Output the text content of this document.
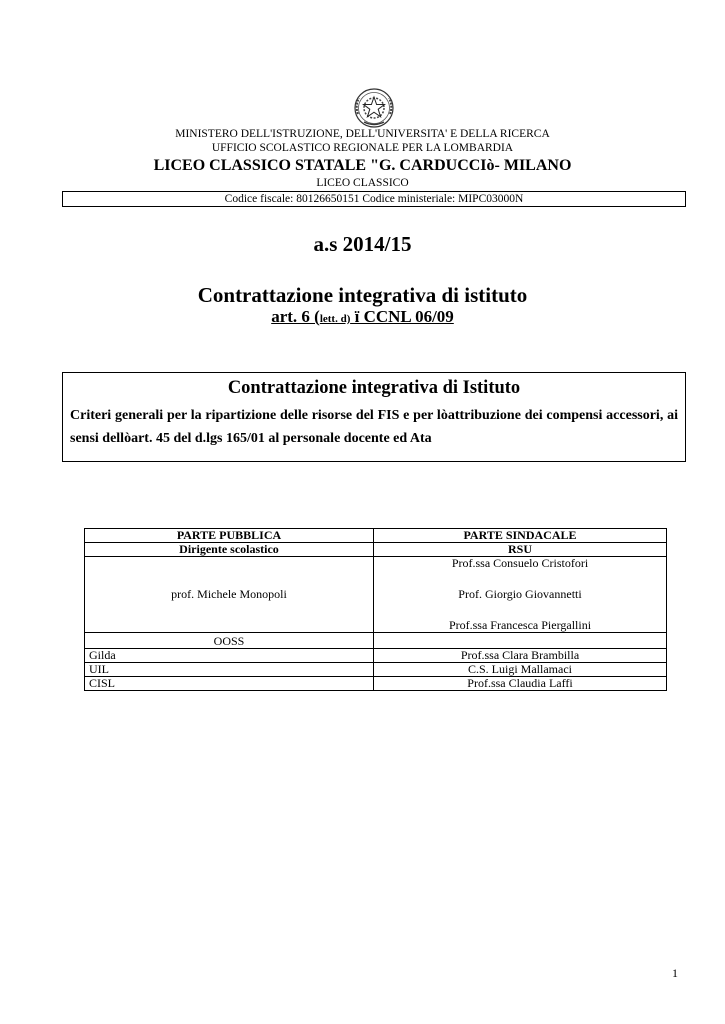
MINISTERO DELL'ISTRUZIONE, DELL'UNIVERSITA' E DELLA RICERCA
UFFICIO SCOLASTICO REGIONALE PER LA LOMBARDIA
LICEO CLASSICO STATALE "G. CARDUCCIò- MILANO
LICEO CLASSICO
Codice fiscale: 80126650151 Codice ministeriale: MIPC03000N
a.s 2014/15
Contrattazione integrativa di istituto
art. 6 (lett. d) ï CCNL 06/09
Contrattazione integrativa di Istituto
Criteri generali per la ripartizione delle risorse del FIS e per lòattribuzione dei compensi accessori, ai sensi dellòart. 45 del d.lgs 165/01 al personale docente ed Ata
PARTE PUBBLICA	PARTE SINDACALE
Dirigente scolastico	RSU
prof. Michele Monopoli	Prof.ssa Consuelo Cristofori
Prof. Giorgio Giovannetti
Prof.ssa Francesca Piergallini

OOSS	
Gilda	Prof.ssa Clara Brambilla
UIL	C.S. Luigi Mallamaci
CISL	Prof.ssa Claudia Laffi
1
